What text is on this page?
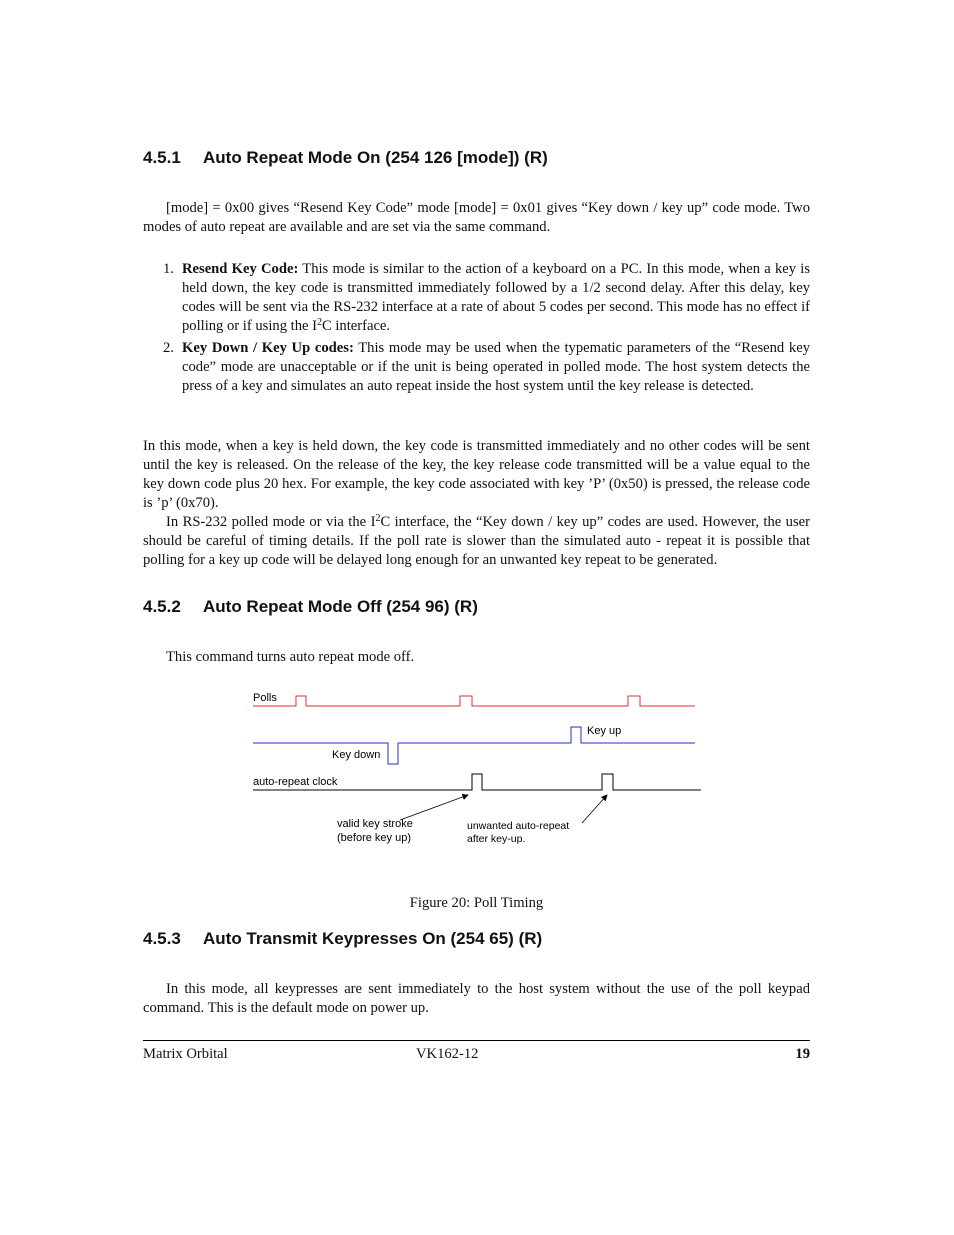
4.5.1 Auto Repeat Mode On (254 126 [mode]) (R)

[mode] = 0x00 gives “Resend Key Code” mode [mode] = 0x01 gives “Key down / key up” code mode. Two modes of auto repeat are available and are set via the same command.

1. Resend Key Code: This mode is similar to the action of a keyboard on a PC. In this mode, when a key is held down, the key code is transmitted immediately followed by a 1/2 second delay. After this delay, key codes will be sent via the RS-232 interface at a rate of about 5 codes per second. This mode has no effect if polling or if using the $I^2C$ interface.
2. Key Down / Key Up codes: This mode may be used when the typematic parameters of the “Resend key code” mode are unacceptable or if the unit is being operated in polled mode. The host system detects the press of a key and simulates an auto repeat inside the host system until the key release is detected.

In this mode, when a key is held down, the key code is transmitted immediately and no other codes will be sent until the key is released. On the release of the key, the key release code transmitted will be a value equal to the key down code plus 20 hex. For example, the key code associated with key ’P’ (0x50) is pressed, the release code is ’p’ (0x70).

In RS-232 polled mode or via the $I^2C$ interface, the “Key down / key up” codes are used. However, the user should be careful of timing details. If the poll rate is slower than the simulated auto - repeat it is possible that polling for a key up code will be delayed long enough for an unwanted key repeat to be generated.

4.5.2 Auto Repeat Mode Off (254 96) (R)

This command turns auto repeat mode off.

Figure 20: Poll Timing

4.5.3 Auto Transmit Keypresses On (254 65) (R)

In this mode, all keypresses are sent immediately to the host system without the use of the poll keypad command. This is the default mode on power up.

Matrix Orbital	VK162-12	19
Polls
Key up
Key down
auto-repeat clock
valid key stroke
(before key up)
unwanted auto-repeat
after key-up.
